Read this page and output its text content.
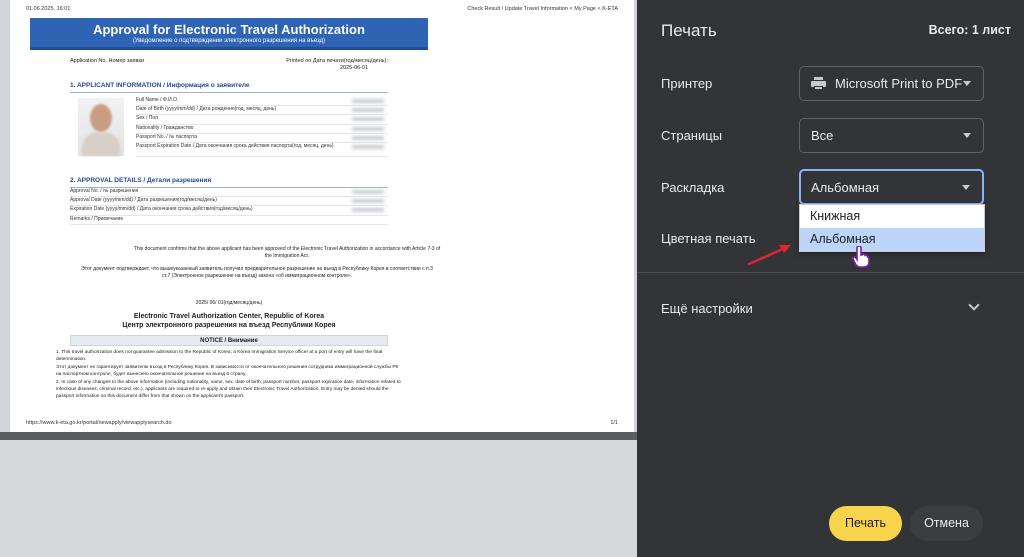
01.06.2025, 16:01	Check Result / Update Travel Information < My Page < K-ETA
Approval for Electronic Travel Authorization
(Уведомление о подтверждении электронного разрешения на въезд)
Application No. Номер заявки	Printed on Дата печати(год/месяц/день):
2025-06-01
1. APPLICANT INFORMATION / Информация о заявителе
Full Name / Ф.И.О.
Date of Birth (yyyy/mm/dd) / Дата рождения(год, месяц, день)
Sex / Пол
Nationality / Гражданство
Passport No. / № паспорта
Passport Expiration Date / Дата окончания срока действия паспорта(год, месяц, день)
2. APPROVAL DETAILS / Детали разрешения
Approval No. / № разрешения
Approval Date (yyyy/mm/dd) / Дата разрешения(год/месяц/день)
Expiration Date (yyyy/mm/dd) / Дата окончания срока действия(год/месяц/день)
Remarks / Примечание
This document confirms that the above applicant has been approved of the Electronic Travel Authorization in accordance with Article 7-3 of the Immigration Act.
Этот документ подтверждает, что вышеуказанный заявитель получил предварительное разрешение на въезд в Республику Корея в соответствии с п.3 ст.7 (Электронное разрешение на въезд) закона «об иммиграционном контроле».
2025/ 06/ 01(год/месяц/день)
Electronic Travel Authorization Center, Republic of Korea
Центр электронного разрешения на въезд Республики Корея
NOTICE / Внимание

1. This travel authorization does not guarantee admission to the Republic of Korea; a Korea Immigration Service officer at a port of entry will have the final determination.

Этот документ не гарантирует заявителю въезд в Республику Корея. В зависимости от окончательного решения сотрудника иммиграционной службы РК на паспортном контроле, будет вынесено окончательное решение на въезд в страну.

2. In case of any changes to the above information (including nationality, name, sex, date of birth, passport number, passport expiration date, information related to infectious diseases, criminal record, etc.), applicants are required to re-apply and obtain their Electronic Travel Authorization. Entry may be denied should the passport information on this document differ from that shown on the applicant's passport.

https://www.k-eta.go.kr/portal/newapply/viewapplysearch.do	1/1
Печать	Всего: 1 лист
Принтер	Microsoft Print to PDF
Страницы	Все
Раскладка	Альбомная
Цветная печать
Ещё настройки
Книжная
Альбомная
Печать	Отмена
